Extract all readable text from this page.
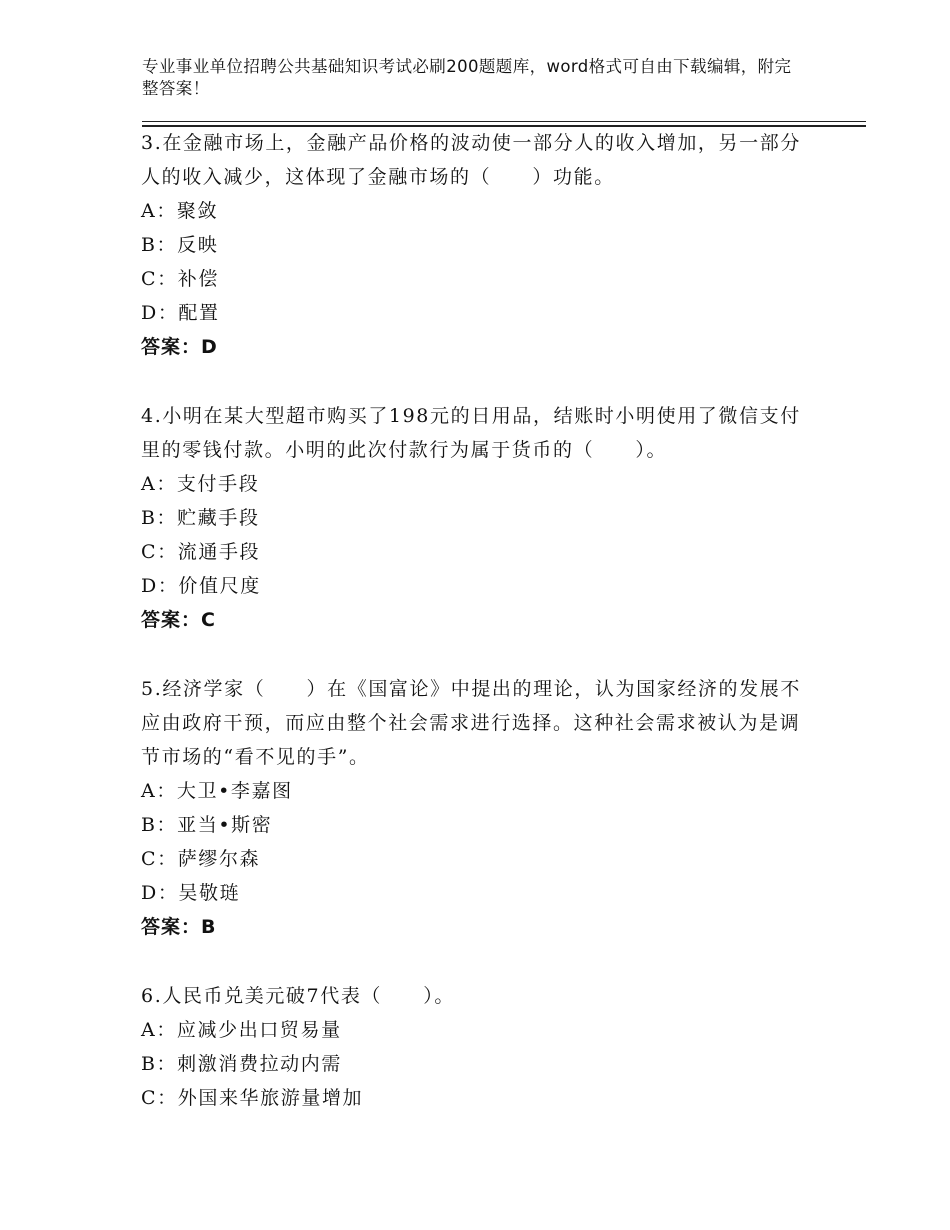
专业事业单位招聘公共基础知识考试必刷200题题库，word格式可自由下载编辑，附完整答案！
3.在金融市场上，金融产品价格的波动使一部分人的收入增加，另一部分人的收入减少，这体现了金融市场的（　　）功能。
A：聚敛
B：反映
C：补偿
D：配置
答案：D
4.小明在某大型超市购买了198元的日用品，结账时小明使用了微信支付里的零钱付款。小明的此次付款行为属于货币的（　　）。
A：支付手段
B：贮藏手段
C：流通手段
D：价值尺度
答案：C
5.经济学家（　　）在《国富论》中提出的理论，认为国家经济的发展不应由政府干预，而应由整个社会需求进行选择。这种社会需求被认为是调节市场的“看不见的手”。
A：大卫•李嘉图
B：亚当•斯密
C：萨缪尔森
D：吴敬琏
答案：B
6.人民币兑美元破7代表（　　）。
A：应减少出口贸易量
B：刺激消费拉动内需
C：外国来华旅游量增加
